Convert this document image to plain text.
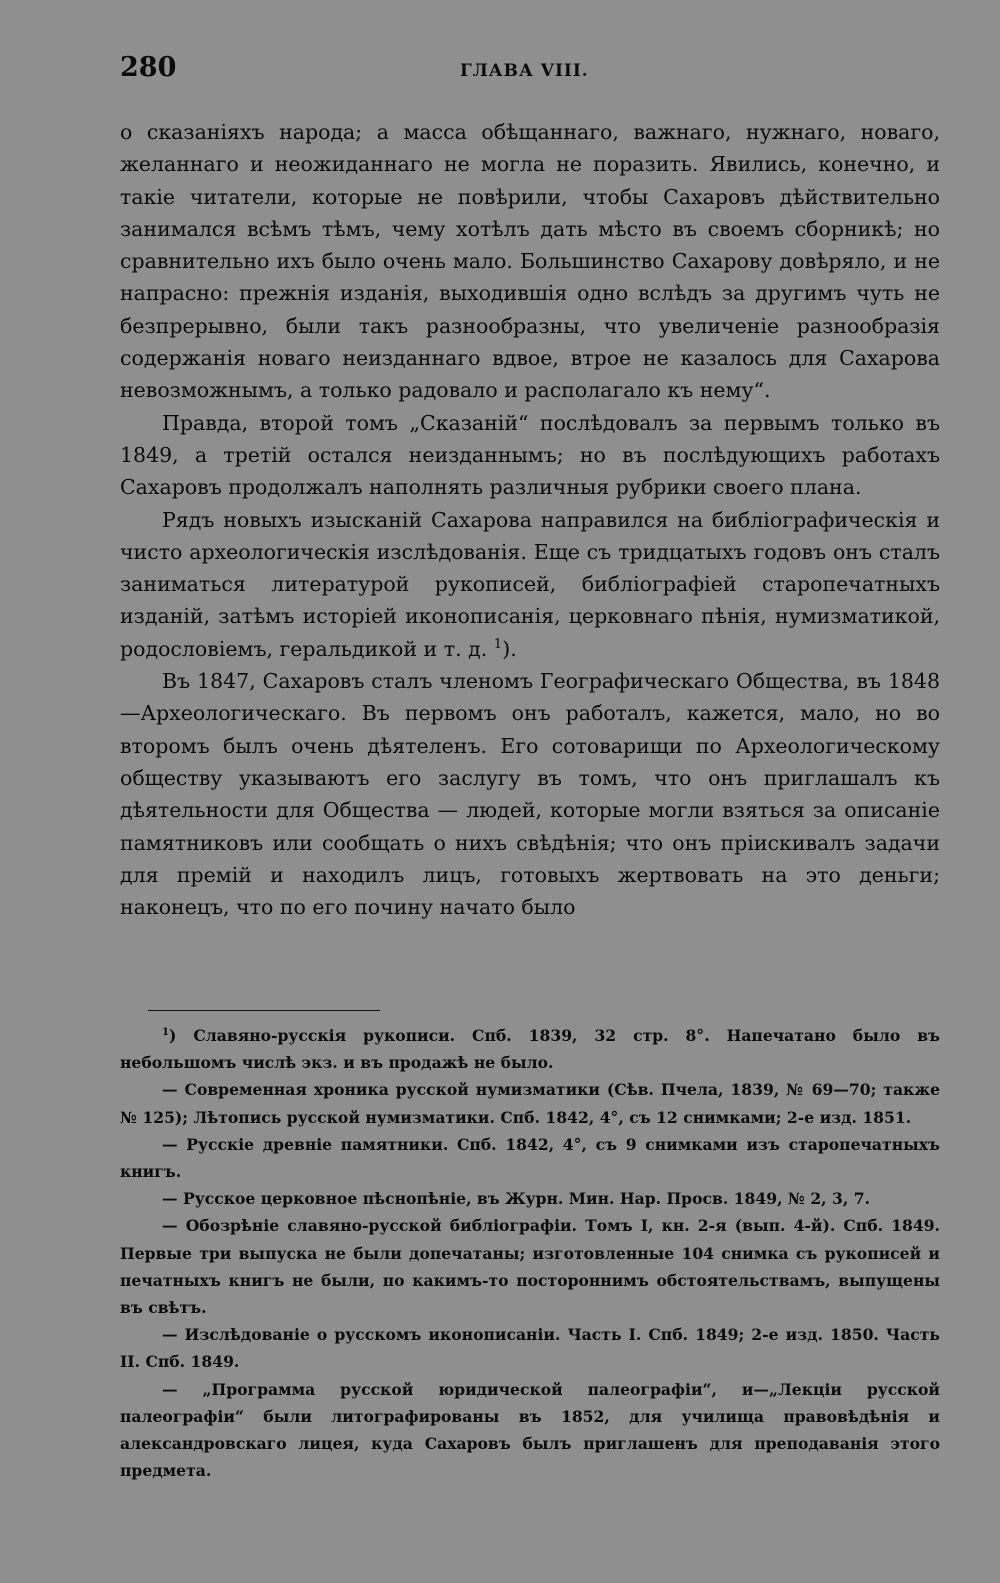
280	ГЛАВА VIII.

о сказаніяхъ народа; а масса обѣщаннаго, важнаго, нужнаго, новаго, желаннаго и неожиданнаго не могла не поразить. Явились, конечно, и такіе читатели, которые не повѣрили, чтобы Сахаровъ дѣйствительно занимался всѣмъ тѣмъ, чему хотѣлъ дать мѣсто въ своемъ сборникѣ; но сравнительно ихъ было очень мало. Большинство Сахарову довѣряло, и не напрасно: прежнія изданія, выходившія одно вслѣдъ за другимъ чуть не безпрерывно, были такъ разнообразны, что увеличеніе разнообразія содержанія новаго неизданнаго вдвое, втрое не казалось для Сахарова невозможнымъ, а только радовало и располагало къ нему“.

Правда, второй томъ „Сказаній“ послѣдовалъ за первымъ только въ 1849, а третій остался неизданнымъ; но въ послѣдующихъ работахъ Сахаровъ продолжалъ наполнять различныя рубрики своего плана.

Рядъ новыхъ изысканій Сахарова направился на библіографическія и чисто археологическія изслѣдованія. Еще съ тридцатыхъ годовъ онъ сталъ заниматься литературой рукописей, библіографіей старопечатныхъ изданій, затѣмъ исторіей иконописанія, церковнаго пѣнія, нумизматикой, родословіемъ, геральдикой и т. д. $^1$).

Въ 1847, Сахаровъ сталъ членомъ Географическаго Общества, въ 1848—Археологическаго. Въ первомъ онъ работалъ, кажется, мало, но во второмъ былъ очень дѣятеленъ. Его сотоварищи по Археологическому обществу указываютъ его заслугу въ томъ, что онъ приглашалъ къ дѣятельности для Общества — людей, которые могли взяться за описаніе памятниковъ или сообщать о нихъ свѣдѣнія; что онъ пріискивалъ задачи для премій и находилъ лицъ, готовыхъ жертвовать на это деньги; наконецъ, что по его почину начато было

$^1$) Славяно-русскія рукописи. Спб. 1839, 32 стр. 8°. Напечатано было въ небольшомъ числѣ экз. и въ продажѣ не было.

— Современная хроника русской нумизматики (Сѣв. Пчела, 1839, № 69—70; также № 125); Лѣтопись русской нумизматики. Спб. 1842, 4°, съ 12 снимками; 2-е изд. 1851.

— Русскіе древніе памятники. Спб. 1842, 4°, съ 9 снимками изъ старопечатныхъ книгъ.

— Русское церковное пѣснопѣніе, въ Журн. Мин. Нар. Просв. 1849, № 2, 3, 7.

— Обозрѣніе славяно-русской библіографіи. Томъ I, кн. 2-я (вып. 4-й). Спб. 1849. Первые три выпуска не были допечатаны; изготовленные 104 снимка съ рукописей и печатныхъ книгъ не были, по какимъ-то постороннимъ обстоятельствамъ, выпущены въ свѣтъ.

— Изслѣдованіе о русскомъ иконописаніи. Часть I. Спб. 1849; 2-е изд. 1850. Часть II. Спб. 1849.

— „Программа русской юридической палеографіи“, и—„Лекціи русской палеографіи“ были литографированы въ 1852, для училища правовѣдѣнія и александровскаго лицея, куда Сахаровъ былъ приглашенъ для преподаванія этого предмета.
